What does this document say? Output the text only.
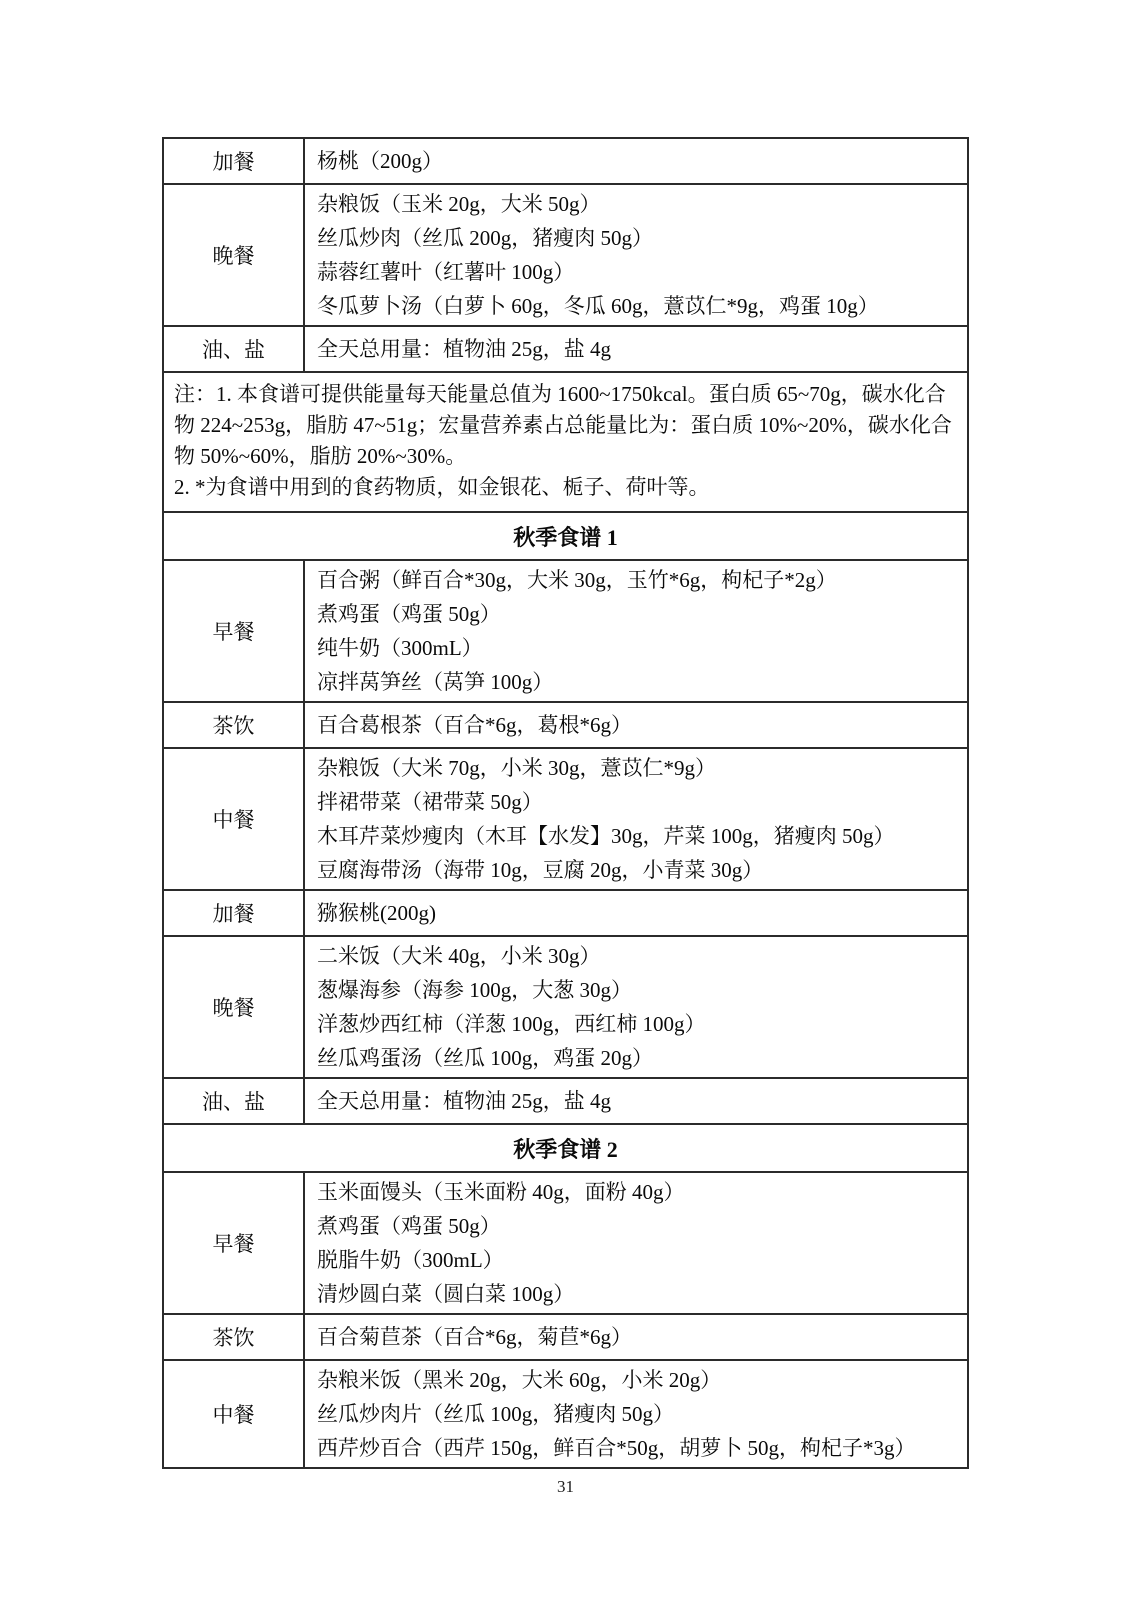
加餐	杨桃（200g）

晚餐	杂粮饭（玉米 20g，大米 50g）
丝瓜炒肉（丝瓜 200g，猪瘦肉 50g）
蒜蓉红薯叶（红薯叶 100g）
冬瓜萝卜汤（白萝卜 60g，冬瓜 60g，薏苡仁*9g，鸡蛋 10g）

油、盐	全天总用量：植物油 25g，盐 4g

注：1. 本食谱可提供能量每天能量总值为 1600~1750kcal。蛋白质 65~70g，碳水化合物 224~253g，脂肪 47~51g；宏量营养素占总能量比为：蛋白质 10%~20%，碳水化合物 50%~60%，脂肪 20%~30%。

2. *为食谱中用到的食药物质，如金银花、栀子、荷叶等。	

秋季食谱 1	
早餐	百合粥（鲜百合*30g，大米 30g，玉竹*6g，枸杞子*2g）
煮鸡蛋（鸡蛋 50g）
纯牛奶（300mL）
凉拌莴笋丝（莴笋 100g）

茶饮	百合葛根茶（百合*6g，葛根*6g）

中餐	杂粮饭（大米 70g，小米 30g，薏苡仁*9g）
拌裙带菜（裙带菜 50g）
木耳芹菜炒瘦肉（木耳【水发】30g，芹菜 100g，猪瘦肉 50g）
豆腐海带汤（海带 10g，豆腐 20g，小青菜 30g）

加餐	猕猴桃(200g)

晚餐	二米饭（大米 40g，小米 30g）
葱爆海参（海参 100g，大葱 30g）
洋葱炒西红柿（洋葱 100g，西红柿 100g）
丝瓜鸡蛋汤（丝瓜 100g，鸡蛋 20g）

油、盐	全天总用量：植物油 25g，盐 4g

秋季食谱 2	
早餐	玉米面馒头（玉米面粉 40g，面粉 40g）
煮鸡蛋（鸡蛋 50g）
脱脂牛奶（300mL）
清炒圆白菜（圆白菜 100g）

茶饮	百合菊苣茶（百合*6g，菊苣*6g）

中餐	杂粮米饭（黑米 20g，大米 60g，小米 20g）
丝瓜炒肉片（丝瓜 100g，猪瘦肉 50g）
西芹炒百合（西芹 150g，鲜百合*50g，胡萝卜 50g，枸杞子*3g）
31
